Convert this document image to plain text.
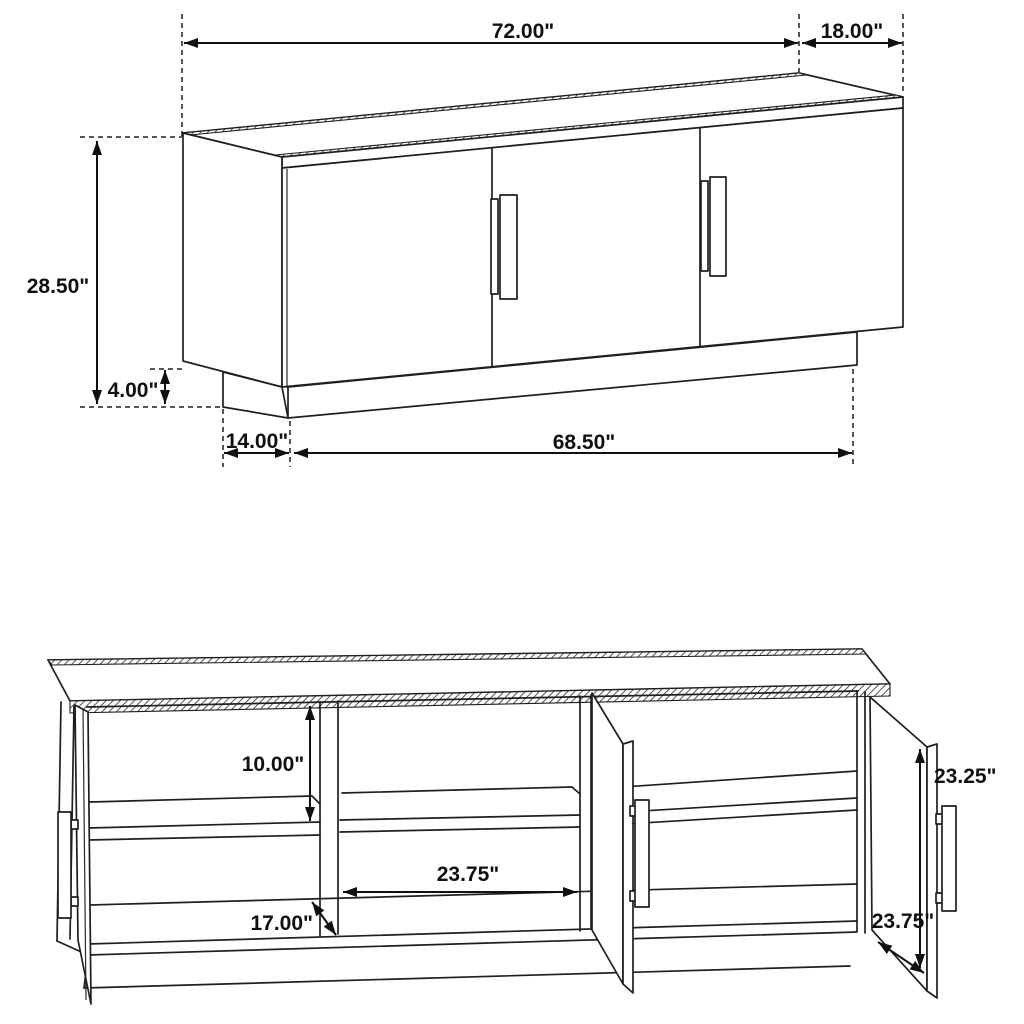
72.00"	18.00"
28.50"
4.00"
14.00"	68.50"
10.00"
23.75"
17.00"
23.25"
23.75"
